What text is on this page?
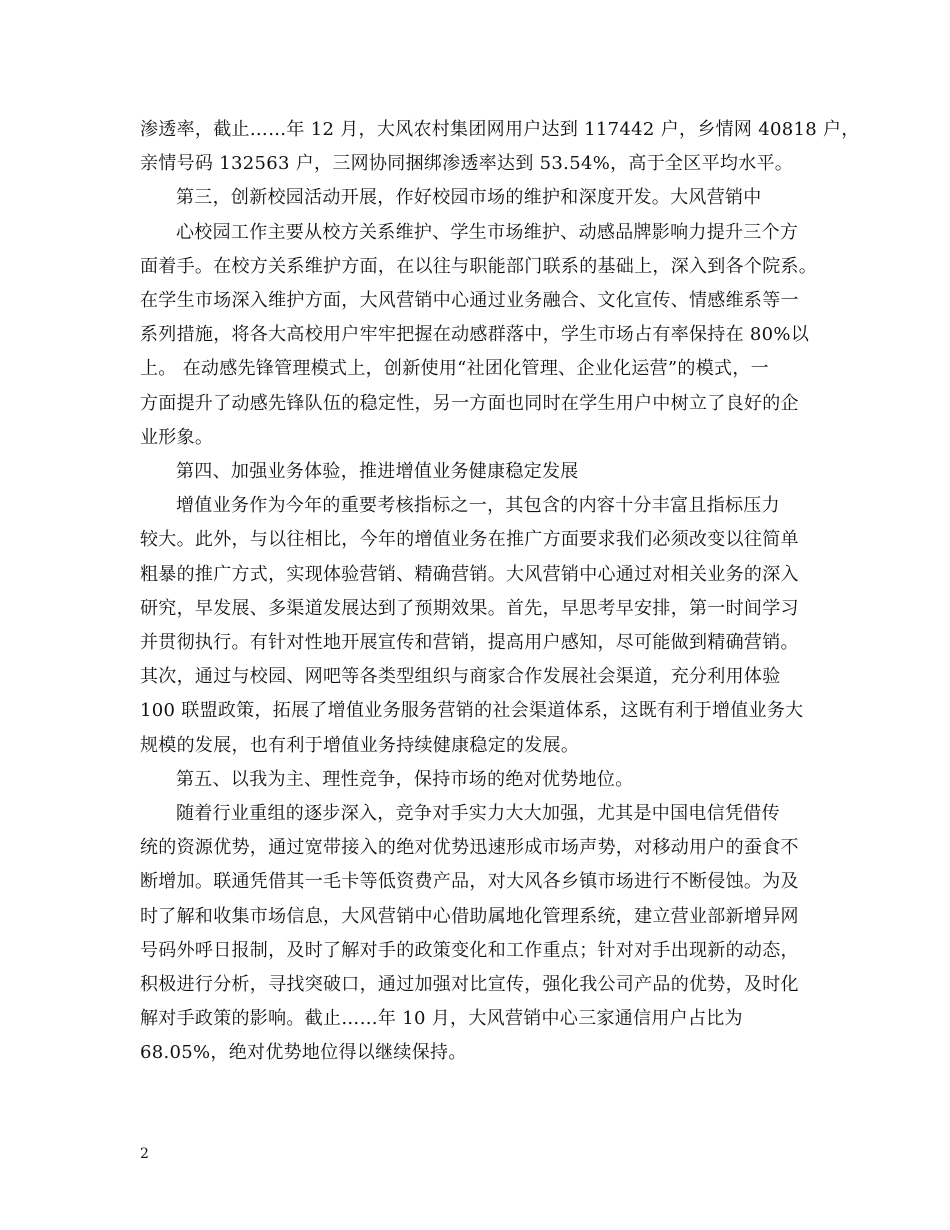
渗透率，截止……年 12 月，大风农村集团网用户达到 117442 户，乡情网 40818 户，
亲情号码 132563 户，三网协同捆绑渗透率达到 53.54%，高于全区平均水平。
第三，创新校园活动开展，作好校园市场的维护和深度开发。大风营销中
心校园工作主要从校方关系维护、学生市场维护、动感品牌影响力提升三个方
面着手。在校方关系维护方面，在以往与职能部门联系的基础上，深入到各个院系。
在学生市场深入维护方面，大风营销中心通过业务融合、文化宣传、情感维系等一
系列措施，将各大高校用户牢牢把握在动感群落中，学生市场占有率保持在 80%以
上。 在动感先锋管理模式上，创新使用“社团化管理、企业化运营”的模式，一
方面提升了动感先锋队伍的稳定性，另一方面也同时在学生用户中树立了良好的企
业形象。
第四、加强业务体验，推进增值业务健康稳定发展
增值业务作为今年的重要考核指标之一，其包含的内容十分丰富且指标压力
较大。此外，与以往相比，今年的增值业务在推广方面要求我们必须改变以往简单
粗暴的推广方式，实现体验营销、精确营销。大风营销中心通过对相关业务的深入
研究，早发展、多渠道发展达到了预期效果。首先，早思考早安排，第一时间学习
并贯彻执行。有针对性地开展宣传和营销，提高用户感知，尽可能做到精确营销。
其次，通过与校园、网吧等各类型组织与商家合作发展社会渠道，充分利用体验
100 联盟政策，拓展了增值业务服务营销的社会渠道体系，这既有利于增值业务大
规模的发展，也有利于增值业务持续健康稳定的发展。
第五、以我为主、理性竞争，保持市场的绝对优势地位。
随着行业重组的逐步深入，竞争对手实力大大加强，尤其是中国电信凭借传
统的资源优势，通过宽带接入的绝对优势迅速形成市场声势，对移动用户的蚕食不
断增加。联通凭借其一毛卡等低资费产品，对大风各乡镇市场进行不断侵蚀。为及
时了解和收集市场信息，大风营销中心借助属地化管理系统，建立营业部新增异网
号码外呼日报制，及时了解对手的政策变化和工作重点；针对对手出现新的动态，
积极进行分析，寻找突破口，通过加强对比宣传，强化我公司产品的优势，及时化
解对手政策的影响。截止……年 10 月，大风营销中心三家通信用户占比为
68.05%，绝对优势地位得以继续保持。
2
